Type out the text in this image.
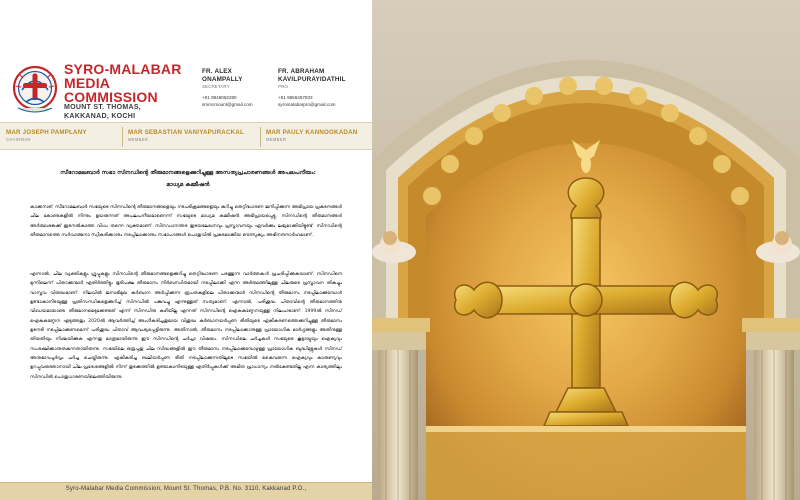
SYRO-MALABAR
MEDIA
COMMISSION
MOUNT ST. THOMAS,
KAKKANAD, KOCHI
FR. ALEX
ONAMPALLY
SECRETARY
+91 9946062280
smmcmount@gmail.com
FR. ABRAHAM
KAVILPURAYIDATHIL
PRO
+91 9656467833
syromalabarpro@gmail.com
MAR JOSEPH PAMPLANY
CHAIRMAN
MAR SEBASTIAN VANIYAPURACKAL
MEMBER
MAR PAULY KANNOOKADAN
MEMBER
സീറോമലബാർ സഭാ സിനഡിന്റെ തീരുമാനങ്ങളെക്കുറിച്ചുള്ള അസത്യപ്രചാരണങ്ങൾ അപലപനീയം:
മാധ്യമ കമ്മീഷൻ
കാക്കനാട്: സീറോമലബാർ സഭയുടെ സിനഡിന്റെ തീരുമാനങ്ങളെയും നടപടിക്രമങ്ങളെയും കുറിച്ചു തെറ്റിദ്ധാരണ ജനിപ്പിക്കുന്ന അഭിപ്രായ പ്രകടനങ്ങൾ ചില കോണുകളിൽ നിന്നും ഉയരുന്നത് അപലപനീയമാണെന്ന് സഭയുടെ മാധ്യമ കമ്മീഷൻ അഭിപ്രായപ്പെട്ടു. സിനഡിന്റെ തീരുമാനങ്ങൾ അർത്ഥശങ്കക്ക് ഇടനൽകാത്ത വിധം തന്നെ വ്യക്തമാണ്. സിനഡാനന്തര ഇടയലേഖനവും പ്രസ്താവനയും ഏവർക്കും ലഭ്യമാക്കിയിട്ടുണ്ട്. സിനഡിന്റെ തീരുമാനത്തെ സർവാത്മനാ സ്വീകരിക്കാനും നടപ്പിലാക്കാനും സഭാംഗങ്ങൾ പൊതുവിൽ പ്രകടമാക്കിയ ഔത്സുക്യം അഭിനന്ദനാർഹമാണ്.
എന്നാൽ, ചില വ്യക്തികളും ഗ്രൂപ്പുകളും സിനഡിന്റെ തീരുമാനങ്ങളെക്കുറിച്ചു തെറ്റിദ്ധാരണ പരത്തുന്ന വാർത്തകൾ പ്രചരിപ്പിക്കുകയാണ്. സിനഡിനെ മുന്നിലെന്ന് പിതാക്കന്മാർ എതിർത്തിട്ടും ഭൂരിപക്ഷ തീരുമാനം നിർബന്ധിതമായി നടപ്പിലാക്കി എന്ന അർത്ഥത്തിലുള്ള ചിലരുടെ പ്രസ്താവന തികച്ചും വാസ്തവ വിരുദ്ധമാണ്. നിലവിൽ ജനാഭിമുഖ കുർബാന അർപ്പിക്കുന്ന രൂപതകളിലെ പിതാക്കന്മാർ സിനഡിന്റെ തീരുമാനം നടപ്പിലാക്കുമ്പോൾ ഉണ്ടാകാനിടയുള്ള പ്രതിസന്ധികളെക്കുറിച്ച് സിനഡിൽ പങ്കുവച്ചു എന്നുള്ളത് സത്യമാണ്. എന്നാൽ, പരിശുദ്ധ പിതാവിന്റെ തീരുമാനത്തിനു വിധേയമായാണു തീരുമാനമെടുക്കേണ്ടത് എന്ന് സിനഡിനു കഴിയില്ല എന്നത് സിനഡിന്റെ ഐകകണ്ഠേനയുള്ള നിലപാടാണ്. 1999ൽ സിനഡ് ഐകകണ്ഠേന എടുത്തതും 2020ൽ ആവർത്തിച്ച് അംഗീകരിച്ചതുമായ വിശുദ്ധ കുർബാനയർപ്പണ രീതിയുടെ ഏകീകരണത്തെക്കുറിച്ചുള്ള തീരുമാനം ഉടനടി നടപ്പിലാക്കണമെന്ന് പരിശുദ്ധ പിതാവ് ആവശ്യപ്പെട്ടിരുന്നു. അതിനാൽ, തീരുമാനം നടപ്പിലാക്കാനുള്ള പ്രായോഗിക മാർഗ്ഗങ്ങളും അതിനുള്ള തിയതിയും നിശ്ചയിക്കുക എന്നതു മാത്രമായിരുന്നു ഈ സിനഡിന്റെ ചർച്ചാ വിഷയം. സിനഡിലെ ചർച്ചകൾ സഭയുടെ കൂട്ടായ്മയും ഐക്യവും സംരക്ഷിക്കാനുതകുന്നതായിരുന്നു. സഭയിലെ ഒരൂപുതു ചില സിദ്ധങ്ങളിൽ ഈ തീരുമാനം നടപ്പിലാക്കുമ്പോഴുള്ള പ്രായോഗിക ബുദ്ധിമുട്ടുകൾ സിനഡ് അനുഭാവപൂർവ്വം ചർച്ച ചെയ്തിരുന്നു. ഏകീകരിച്ച ബലിയർപ്പണ രീതി നടപ്പിലാക്കുന്നതിലൂടെ സഭയിൽ കൈവരുന്ന ഐക്യവും കാരുണ്യവും ഉറപ്പുവരുത്താനായി ചില പ്രദേശങ്ങളിൽ നിന്ന് തുടക്കത്തിൽ ഉണ്ടാകാനിടയുള്ള എതിർപ്പുകൾക്ക് അമിത പ്രാധാന്യം നൽകേണ്ടതില്ല എന്ന കാര്യത്തിലും സിനഡിൽ പൊതുധാരണയിലെത്തിയിരുന്നു.
Syro-Malabar Media Commission, Mount St. Thomas, P.B. No. 3110, Kakkanad P.O.,
